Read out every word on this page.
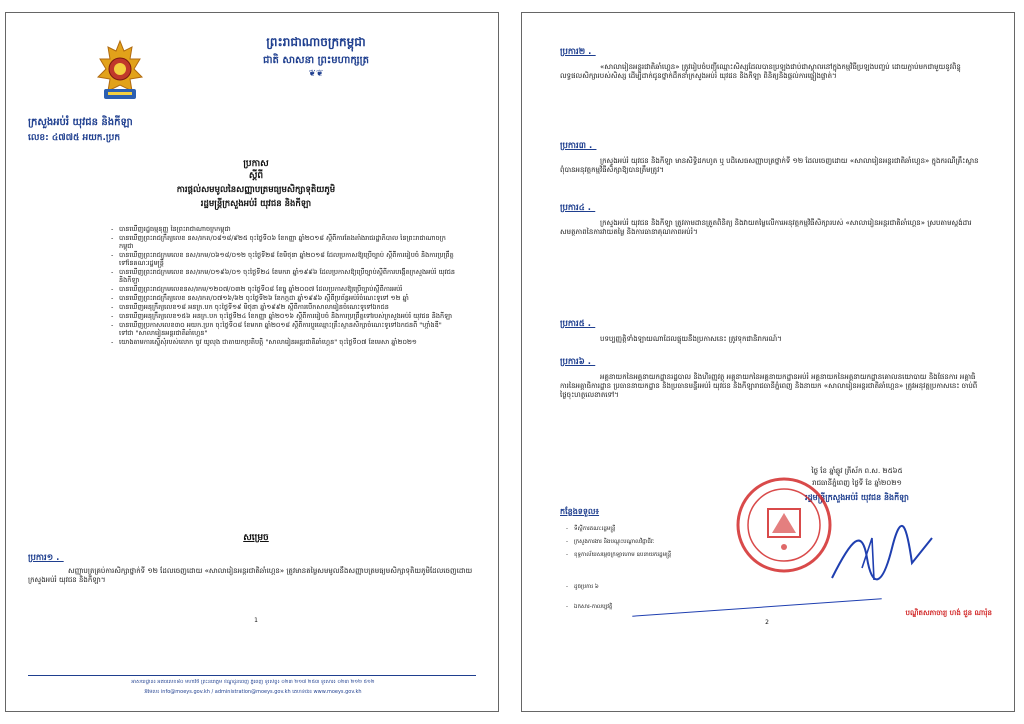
ព្រះរាជាណាចក្រកម្ពុជា
ជាតិ សាសនា ព្រះមហាក្សត្រ
❦❦
ក្រសួងអប់រំ យុវជន និងកីឡា
លេខ: ៤៧៧៥ អយក.ប្រក
ប្រកាស
ស្ដីពី
ការផ្ដល់សមមូលនៃសញ្ញាបត្រមធ្យមសិក្សាទុតិយភូមិ
រដ្ឋមន្ត្រីក្រសួងអប់រំ យុវជន និងកីឡា
- បានឃើញរដ្ឋធម្មនុញ្ញ នៃព្រះរាជាណាចក្រកម្ពុជា
- បានឃើញព្រះរាជក្រឹត្យលេខ នស/រកត/០៨១៨/៩២៥ ចុះថ្ងៃទី០៦ ខែកញ្ញា ឆ្នាំ២០១៨ ស្ដីពីការតែងតាំងរាជរដ្ឋាភិបាល នៃព្រះរាជាណាចក្រកម្ពុជា
- បានឃើញព្រះរាជក្រមលេខ នស/រកម/០៦១៨/០១២ ចុះថ្ងៃទី២៨ ខែមិថុនា ឆ្នាំ២០១៨ ដែលប្រកាសឱ្យប្រើច្បាប់ ស្ដីពីការរៀបចំ និងការប្រព្រឹត្តទៅនៃគណៈរដ្ឋមន្ត្រី
- បានឃើញព្រះរាជក្រមលេខ នស/រកម/០១៩៦/០១ ចុះថ្ងៃទី២៤ ខែមករា ឆ្នាំ១៩៩៦ ដែលប្រកាសឱ្យប្រើច្បាប់ស្ដីពីការបង្កើតក្រសួងអប់រំ យុវជន និងកីឡា
- បានឃើញព្រះរាជក្រមលេខនស/រកម/១២០៧/០៣២ ចុះថ្ងៃទី០៨ ខែធ្នូ ឆ្នាំ២០០៧ ដែលប្រកាសឱ្យប្រើច្បាប់ស្ដីពីការអប់រំ
- បានឃើញព្រះរាជក្រឹត្យលេខ នស/រកត/០៧១៦/៦២ ចុះថ្ងៃទី២៦ ខែកក្កដា ឆ្នាំ១៩៩៦ ស្ដីពីប្រព័ន្ធអប់រំចំណេះទូទៅ ១២ ឆ្នាំ
- បានឃើញអនុក្រឹត្យលេខ១៨ អនក្រ.បក ចុះថ្ងៃទី១៩ មិថុនា ឆ្នាំ១៩៩២ ស្ដីពីការបើកសាលារៀនចំណេះទូទៅឯកជន
- បានឃើញអនុក្រឹត្យលេខ១៥៦ អនក្រ.បក ចុះថ្ងៃទី២៤ ខែកញ្ញា ឆ្នាំ២០១៦ ស្ដីពីការរៀបចំ និងការប្រព្រឹត្តទៅរបស់ក្រសួងអប់រំ យុវជន និងកីឡា
- បានឃើញប្រកាសលេខ៣០ អយក.ប្រក ចុះថ្ងៃទី០៨ ខែមករា ឆ្នាំ២០១៨ ស្ដីពីការប្ដូរឈ្មោះគ្រឹះស្ថានសិក្សាចំណេះទូទៅឯកជនពី "ហ្គាំងឌី" ទៅជា "សាលារៀនអន្តរជាតិឆាំហ្គេន"
- យោងតាមការស្នើសុំរបស់លោក ចូវ យូលុង ជាតាយកប្រតិបត្តិ "សាលារៀនអន្តរជាតិឆាំហ្គេន" ចុះថ្ងៃទី០៧ ខែមេសា ឆ្នាំ២០២១
សម្រេច
ប្រការ១ ._
សញ្ញាបត្រគ្រប់ការសិក្សាថ្នាក់ទី ១២ ដែលចេញដោយ «សាលារៀនអន្តរជាតិឆាំហ្គេន» ត្រូវមានតម្លៃសមមូលនឹងសញ្ញាបត្រមធ្យមសិក្សាទុតិយភូមិដែលចេញដោយក្រសួងអប់រំ យុវជន និងកីឡា។
1
អាសយដ្ឋាន៖ អគារលេខ៨០ មហាវិថី ព្រះនរោត្ដម ខ័ណ្ឌដូនពេញ ភ្នំពេញ ទូរស័ព្ទ៖ ០២៣ ២១៧ ២៥៣ ទូរសារ៖ ០២៣ ២១២ ៥១២
អ៊ីម៉ែល៖ info@moeys.gov.kh / administration@moeys.gov.kh គេហទំព័រ៖ www.moeys.gov.kh
ប្រការ២ ._
«សាលារៀនអន្តរជាតិឆាំហ្គេន» ត្រូវរៀបចំបញ្ជីឈ្មោះសិស្សដែលបានប្រឡងជាប់ជាស្ថាពរនៅក្នុងកម្មវិធីប្រឡងបញ្ចប់ ដោយភ្ជាប់មកជាមួយនូវពិន្ទុលទ្ធផលសិក្សារបស់សិស្ស ដើម្បីដាក់ជូនថ្នាក់ដឹកនាំក្រសួងអប់រំ យុវជន និងកីឡា ពិនិត្យនិងផ្ដល់ការផ្ទៀងផ្ទាត់។
ប្រការ៣ ._
ក្រសួងអប់រំ យុវជន និងកីឡា មានសិទ្ធិដកហូត ឬ បដិសេធសញ្ញាបត្រថ្នាក់ទី ១២ ដែលចេញដោយ «សាលារៀនអន្តរជាតិឆាំហ្គេន» ក្នុងករណីគ្រឹះស្ថានពុំបានអនុវត្តកម្មវិធីសិក្សាឱ្យបានត្រឹមត្រូវ។
ប្រការ៤ ._
ក្រសួងអប់រំ យុវជន និងកីឡា ត្រូវតាមដានត្រួតពិនិត្យ និងវាយតម្លៃលើការអនុវត្តកម្មវិធីសិក្សារបស់ «សាលារៀនអន្តរជាតិឆាំហ្គេន» ស្របតាមស្តង់ដារសមត្ថភាពនៃការវាយតម្លៃ និងការធានាគុណភាពអប់រំ។
ប្រការ៥ ._
បទប្បញ្ញត្តិទាំងឡាយណាដែលផ្ទុយនឹងប្រកាសនេះ ត្រូវទុកជានិរាករណ៍។
ប្រការ៦ ._
អគ្គនាយកនៃអគ្គនាយកដ្ឋានរដ្ឋបាល និងហិរញ្ញវត្ថុ អគ្គនាយកនៃអគ្គនាយកដ្ឋានអប់រំ អគ្គនាយកនៃអគ្គនាយកដ្ឋានគោលនយោបាយ និងផែនការ អគ្គាធិការនៃអគ្គាធិការដ្ឋាន ប្រធាននាយកដ្ឋាន និងប្រធានមន្ទីរអប់រំ យុវជន និងកីឡារាជធានីភ្នំពេញ និងនាយក «សាលារៀនអន្តរជាតិឆាំហ្គេន» ត្រូវអនុវត្តប្រកាសនេះ ចាប់ពីថ្ងៃចុះហត្ថលេខាតទៅ។
ថ្ងៃ ខែ ឆ្នាំឆ្លូវ ត្រីស័ក ព.ស. ២៥៦៥
រាជធានីភ្នំពេញ ថ្ងៃទី ខែ ឆ្នាំ២០២១
រដ្ឋមន្ត្រីក្រសួងអប់រំ យុវជន និងកីឡា
កន្លែងទទួល៖
- ទីស្ដីការគណៈរដ្ឋមន្ត្រី
- ក្រសួងការងារ និងបណ្ដុះបណ្ដាលវិជ្ជាជីវៈ
- ខុទ្ទកាល័យសម្ដេចក្រឡាហោម ឧបនាយករដ្ឋមន្ត្រី
- ដូចប្រការ ៦
- ឯកសារ-កាលប្បវត្តិ
បណ្ឌិតសភាចារ្យ ហង់ ជួន ណារ៉ុន
2
